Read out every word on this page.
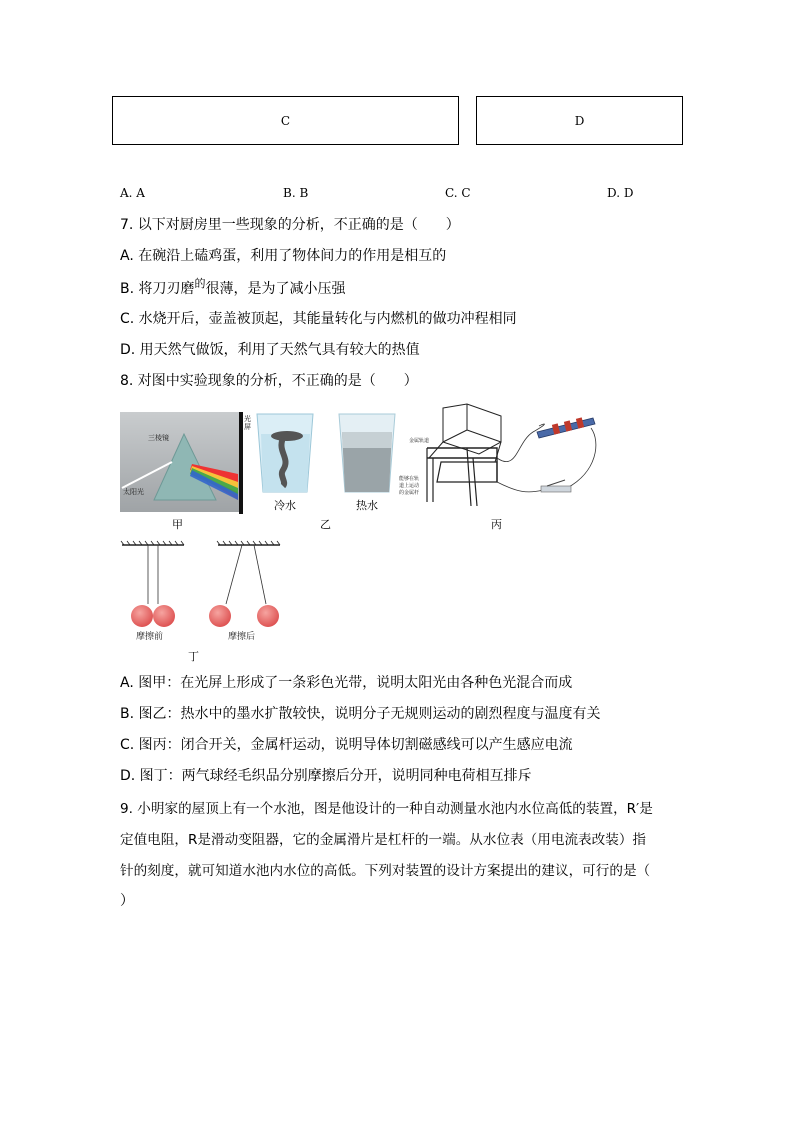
C	D
A. A	B. B	C. C	D. D
7. 以下对厨房里一些现象的分析，不正确的是（　　）
A. 在碗沿上磕鸡蛋，利用了物体间力的作用是相互的
B. 将刀刃磨$^的$很薄，是为了减小压强
C. 水烧开后，壶盖被顶起，其能量转化与内燃机的做功冲程相同
D. 用天然气做饭，利用了天然气具有较大的热值
8. 对图中实验现象的分析，不正确的是（　　）
三棱镜
太阳光
光屏
甲
冷水	热水
乙
金属轨道
能够在轨
道上运动
的金属杆
丙
摩擦前	摩擦后
丁
A. 图甲：在光屏上形成了一条彩色光带，说明太阳光由各种色光混合而成
B. 图乙：热水中的墨水扩散较快，说明分子无规则运动的剧烈程度与温度有关
C. 图丙：闭合开关，金属杆运动，说明导体切割磁感线可以产生感应电流
D. 图丁：两气球经毛织品分别摩擦后分开，说明同种电荷相互排斥
9. 小明家的屋顶上有一个水池，图是他设计的一种自动测量水池内水位高低的装置，R′是
定值电阻，R是滑动变阻器，它的金属滑片是杠杆的一端。从水位表（用电流表改装）指
针的刻度，就可知道水池内水位的高低。下列对装置的设计方案提出的建议，可行的是（
）
